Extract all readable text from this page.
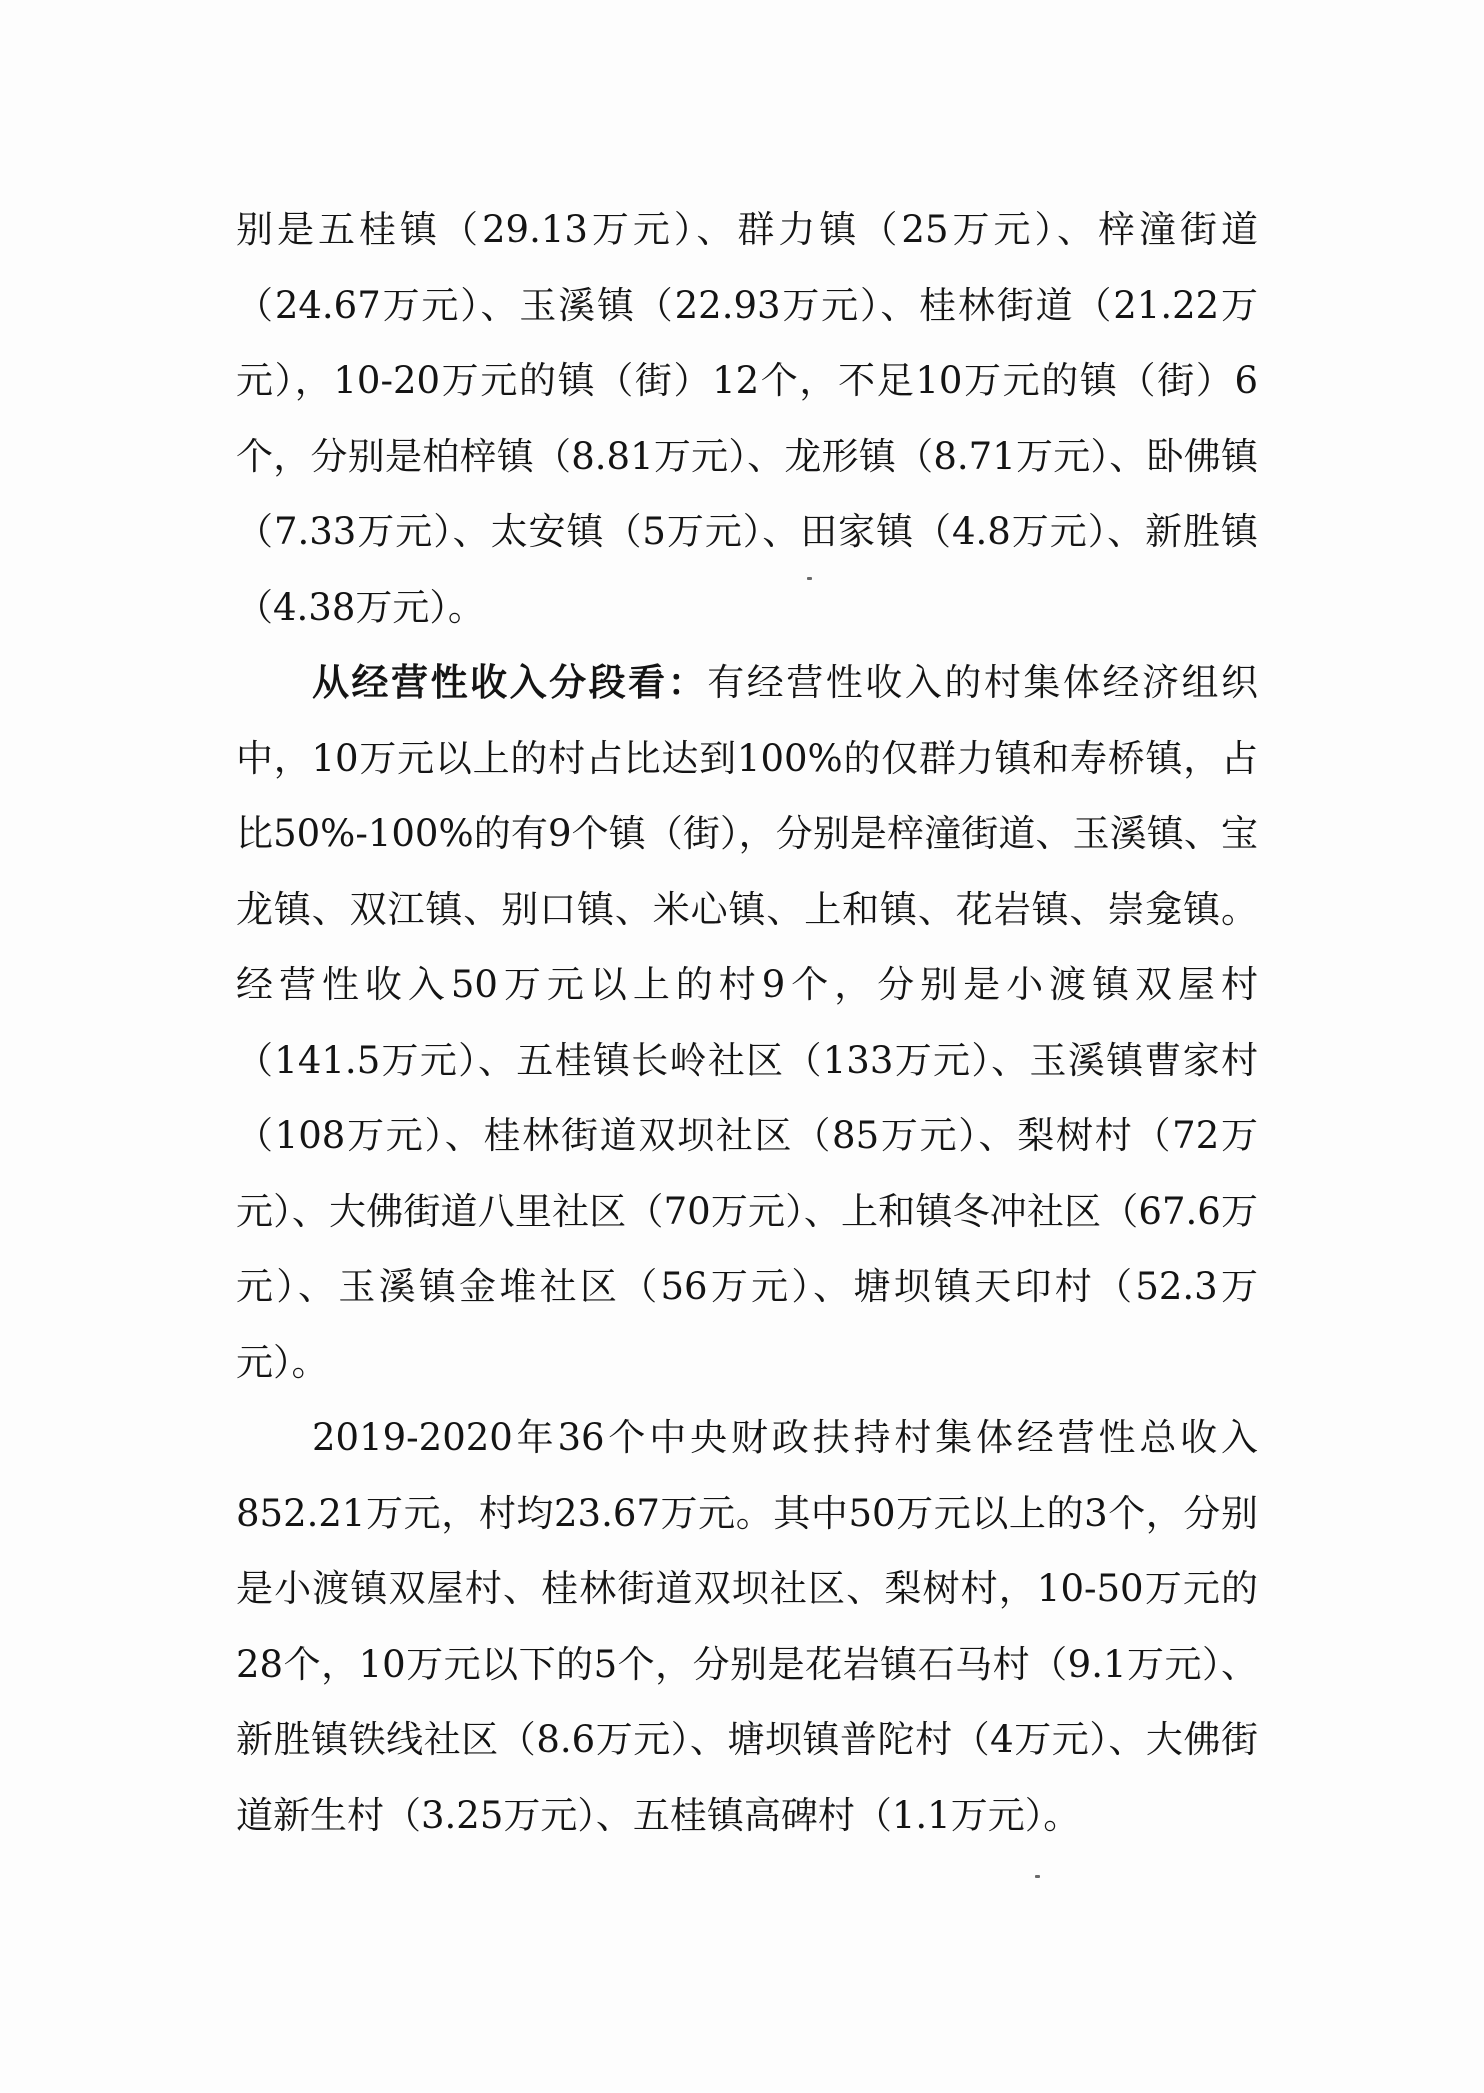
别是五桂镇（29.13万元）、群力镇（25万元）、梓潼街道（24.67万元）、玉溪镇（22.93万元）、桂林街道（21.22万元），10-20万元的镇（街）12个，不足10万元的镇（街）6个，分别是柏梓镇（8.81万元）、龙形镇（8.71万元）、卧佛镇（7.33万元）、太安镇（5万元）、田家镇（4.8万元）、新胜镇（4.38万元）。

从经营性收入分段看：有经营性收入的村集体经济组织中，10万元以上的村占比达到100%的仅群力镇和寿桥镇，占比50%-100%的有9个镇（街），分别是梓潼街道、玉溪镇、宝龙镇、双江镇、别口镇、米心镇、上和镇、花岩镇、崇龛镇。经营性收入50万元以上的村9个，分别是小渡镇双屋村（141.5万元）、五桂镇长岭社区（133万元）、玉溪镇曹家村（108万元）、桂林街道双坝社区（85万元）、梨树村（72万元）、大佛街道八里社区（70万元）、上和镇冬冲社区（67.6万元）、玉溪镇金堆社区（56万元）、塘坝镇天印村（52.3万元）。

2019-2020年36个中央财政扶持村集体经营性总收入852.21万元，村均23.67万元。其中50万元以上的3个，分别是小渡镇双屋村、桂林街道双坝社区、梨树村，10-50万元的28个，10万元以下的5个，分别是花岩镇石马村（9.1万元）、新胜镇铁线社区（8.6万元）、塘坝镇普陀村（4万元）、大佛街道新生村（3.25万元）、五桂镇高碑村（1.1万元）。
